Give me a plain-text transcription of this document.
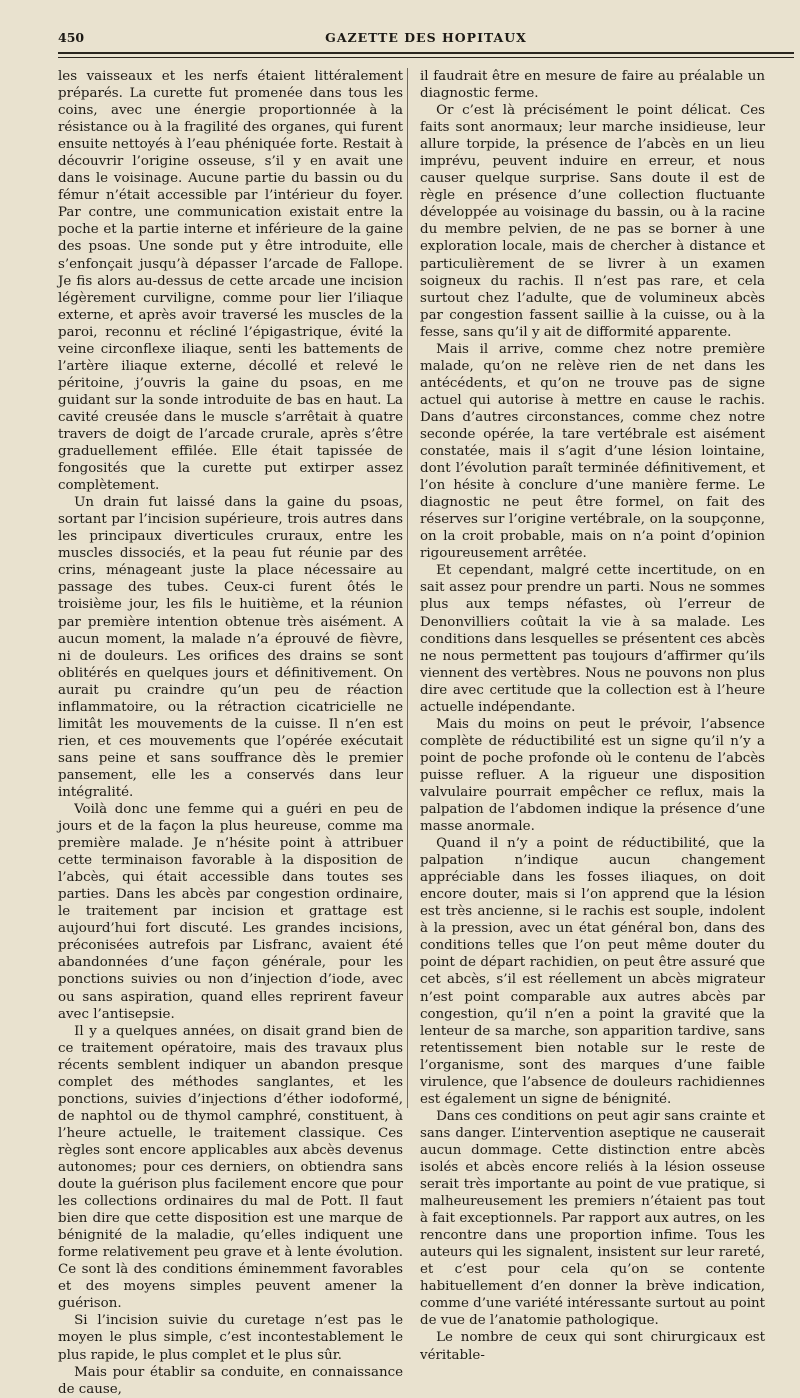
450	GAZETTE DES HOPITAUX

les vaisseaux et les nerfs étaient littéralement préparés. La curette fut promenée dans tous les coins, avec une énergie proportionnée à la résistance ou à la fragilité des organes, qui furent ensuite nettoyés à l’eau phéniquée forte. Restait à découvrir l’origine osseuse, s’il y en avait une dans le voisinage. Aucune partie du bassin ou du fémur n’était accessible par l’intérieur du foyer. Par contre, une communication existait entre la poche et la partie interne et inférieure de la gaine des psoas. Une sonde put y être introduite, elle s’enfonçait jusqu’à dépasser l’arcade de Fallope. Je fis alors au-dessus de cette arcade une incision légèrement curviligne, comme pour lier l’iliaque externe, et après avoir traversé les muscles de la paroi, reconnu et récliné l’épigastrique, évité la veine circonflexe iliaque, senti les battements de l’artère iliaque externe, décollé et relevé le péritoine, j’ouvris la gaine du psoas, en me guidant sur la sonde introduite de bas en haut. La cavité creusée dans le muscle s’arrêtait à quatre travers de doigt de l’arcade crurale, après s’être graduellement effilée. Elle était tapissée de fongosités que la curette put extirper assez complètement.

Un drain fut laissé dans la gaine du psoas, sortant par l’incision supérieure, trois autres dans les principaux diverticules cruraux, entre les muscles dissociés, et la peau fut réunie par des crins, ménageant juste la place nécessaire au passage des tubes. Ceux-ci furent ôtés le troisième jour, les fils le huitième, et la réunion par première intention obtenue très aisément. A aucun moment, la malade n’a éprouvé de fièvre, ni de douleurs. Les orifices des drains se sont oblitérés en quelques jours et définitivement. On aurait pu craindre qu’un peu de réaction inflammatoire, ou la rétraction cicatricielle ne limitât les mouvements de la cuisse. Il n’en est rien, et ces mouvements que l’opérée exécutait sans peine et sans souffrance dès le premier pansement, elle les a conservés dans leur intégralité.

Voilà donc une femme qui a guéri en peu de jours et de la façon la plus heureuse, comme ma première malade. Je n’hésite point à attribuer cette terminaison favorable à la disposition de l’abcès, qui était accessible dans toutes ses parties. Dans les abcès par congestion ordinaire, le traitement par incision et grattage est aujourd’hui fort discuté. Les grandes incisions, préconisées autrefois par Lisfranc, avaient été abandonnées d’une façon générale, pour les ponctions suivies ou non d’injection d’iode, avec ou sans aspiration, quand elles reprirent faveur avec l’antisepsie.

Il y a quelques années, on disait grand bien de ce traitement opératoire, mais des travaux plus récents semblent indiquer un abandon presque complet des méthodes sanglantes, et les ponctions, suivies d’injections d’éther iodoformé, de naphtol ou de thymol camphré, constituent, à l’heure actuelle, le traitement classique. Ces règles sont encore applicables aux abcès devenus autonomes; pour ces derniers, on obtiendra sans doute la guérison plus facilement encore que pour les collections ordinaires du mal de Pott. Il faut bien dire que cette disposition est une marque de bénignité de la maladie, qu’elles indiquent une forme relativement peu grave et à lente évolution. Ce sont là des conditions éminemment favorables et des moyens simples peuvent amener la guérison.

Si l’incision suivie du curetage n’est pas le moyen le plus simple, c’est incontestablement le plus rapide, le plus complet et le plus sûr.

Mais pour établir sa conduite, en connaissance de cause,

il faudrait être en mesure de faire au préalable un diagnostic ferme.

Or c’est là précisément le point délicat. Ces faits sont anormaux; leur marche insidieuse, leur allure torpide, la présence de l’abcès en un lieu imprévu, peuvent induire en erreur, et nous causer quelque surprise. Sans doute il est de règle en présence d’une collection fluctuante développée au voisinage du bassin, ou à la racine du membre pelvien, de ne pas se borner à une exploration locale, mais de chercher à distance et particulièrement de se livrer à un examen soigneux du rachis. Il n’est pas rare, et cela surtout chez l’adulte, que de volumineux abcès par congestion fassent saillie à la cuisse, ou à la fesse, sans qu’il y ait de difformité apparente.

Mais il arrive, comme chez notre première malade, qu’on ne relève rien de net dans les antécédents, et qu’on ne trouve pas de signe actuel qui autorise à mettre en cause le rachis. Dans d’autres circonstances, comme chez notre seconde opérée, la tare vertébrale est aisément constatée, mais il s’agit d’une lésion lointaine, dont l’évolution paraît terminée définitivement, et l’on hésite à conclure d’une manière ferme. Le diagnostic ne peut être formel, on fait des réserves sur l’origine vertébrale, on la soupçonne, on la croit probable, mais on n’a point d’opinion rigoureusement arrêtée.

Et cependant, malgré cette incertitude, on en sait assez pour prendre un parti. Nous ne sommes plus aux temps néfastes, où l’erreur de Denonvilliers coûtait la vie à sa malade. Les conditions dans lesquelles se présentent ces abcès ne nous permettent pas toujours d’affirmer qu’ils viennent des vertèbres. Nous ne pouvons non plus dire avec certitude que la collection est à l’heure actuelle indépendante.

Mais du moins on peut le prévoir, l’absence complète de réductibilité est un signe qu’il n’y a point de poche profonde où le contenu de l’abcès puisse refluer. A la rigueur une disposition valvulaire pourrait empêcher ce reflux, mais la palpation de l’abdomen indique la présence d’une masse anormale.

Quand il n’y a point de réductibilité, que la palpation n’indique aucun changement appréciable dans les fosses iliaques, on doit encore douter, mais si l’on apprend que la lésion est très ancienne, si le rachis est souple, indolent à la pression, avec un état général bon, dans des conditions telles que l’on peut même douter du point de départ rachidien, on peut être assuré que cet abcès, s’il est réellement un abcès migrateur n’est point comparable aux autres abcès par congestion, qu’il n’en a point la gravité que la lenteur de sa marche, son apparition tardive, sans retentissement bien notable sur le reste de l’organisme, sont des marques d’une faible virulence, que l’absence de douleurs rachidiennes est également un signe de bénignité.

Dans ces conditions on peut agir sans crainte et sans danger. L’intervention aseptique ne causerait aucun dommage. Cette distinction entre abcès isolés et abcès encore reliés à la lésion osseuse serait très importante au point de vue pratique, si malheureusement les premiers n’étaient pas tout à fait exceptionnels. Par rapport aux autres, on les rencontre dans une proportion infime. Tous les auteurs qui les signalent, insistent sur leur rareté, et c’est pour cela qu’on se contente habituellement d’en donner la brève indication, comme d’une variété intéressante surtout au point de vue de l’anatomie pathologique.

Le nombre de ceux qui sont chirurgicaux est véritable-
